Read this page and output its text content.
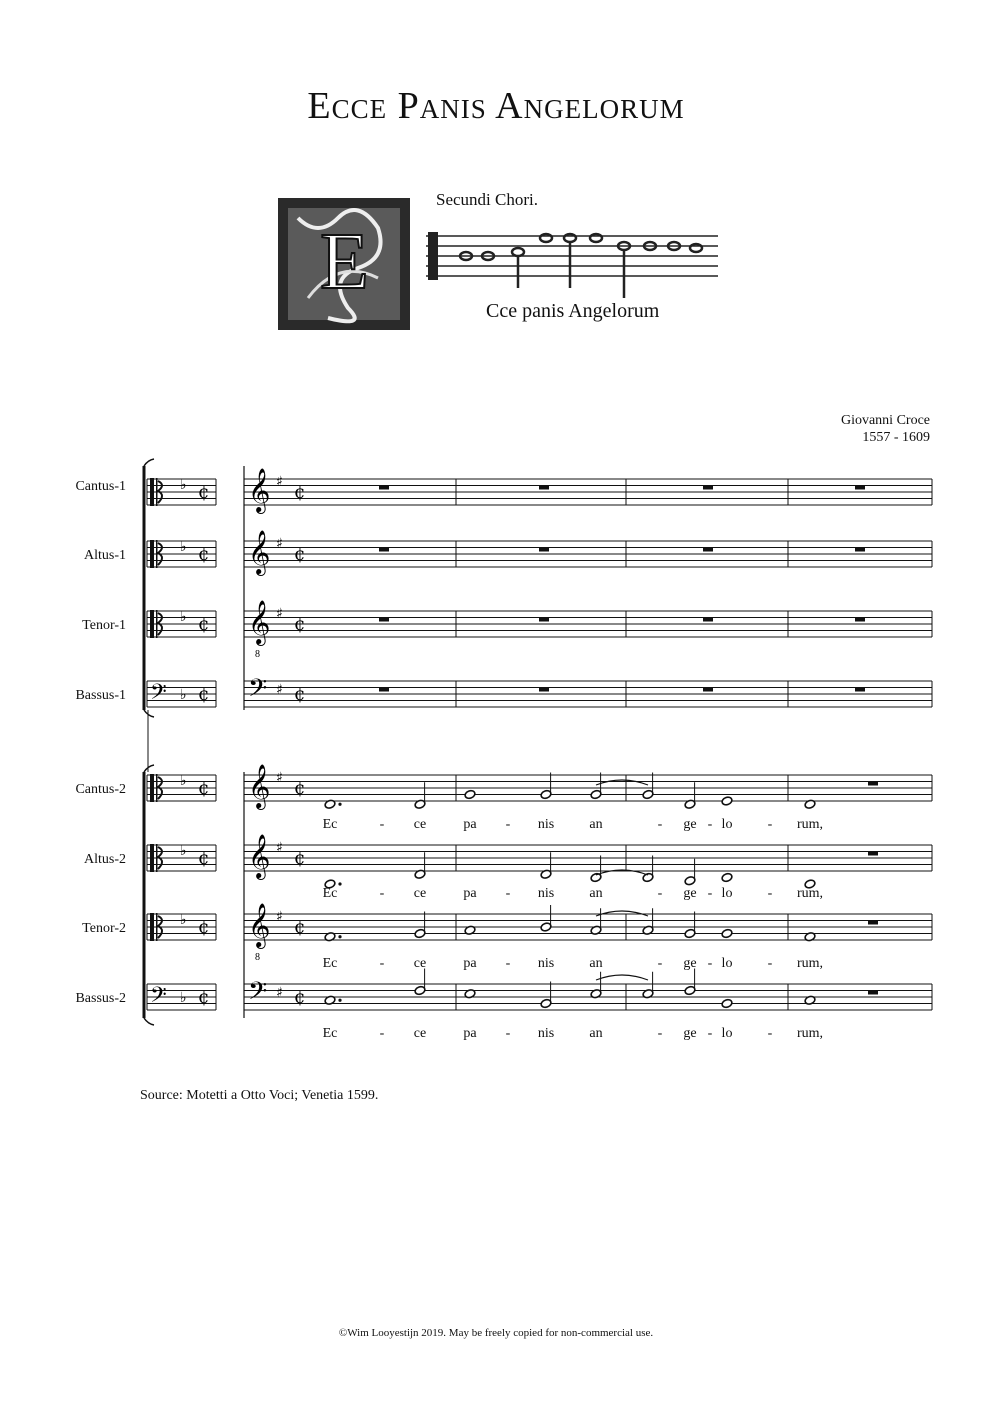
Ecce Panis Angelorum
E
Secundi Chori.
Cce panis Angelorum
Giovanni Croce
1557 - 1609
Cantus-1
Altus-1
Tenor-1
Bassus-1
Cantus-2
Altus-2
Tenor-2
Bassus-2
♭ ¢ 𝄞 ♯ ¢
♭ ¢ 𝄞 ♯ ¢
♭ ¢ 𝄞
8
♯ ¢
𝄢 ♭ ¢ 𝄢 ♯ ¢
♭ ¢ 𝄞 ♯ ¢
♭ ¢ 𝄞 ♯ ¢
♭ ¢ 𝄞
8
♯ ¢
𝄢 ♭ ¢ 𝄢 ♯ ¢
Ec	- ce	pa - nis	an	- ge - lo	- rum,
Ec	- ce	pa - nis	an	- ge - lo	- rum,
Ec	- ce	pa - nis	an	- ge - lo	- rum,
Ec	- ce	pa - nis	an	- ge - lo	- rum,
Source: Motetti a Otto Voci; Venetia 1599.
©Wim Looyestijn 2019. May be freely copied for non-commercial use.
